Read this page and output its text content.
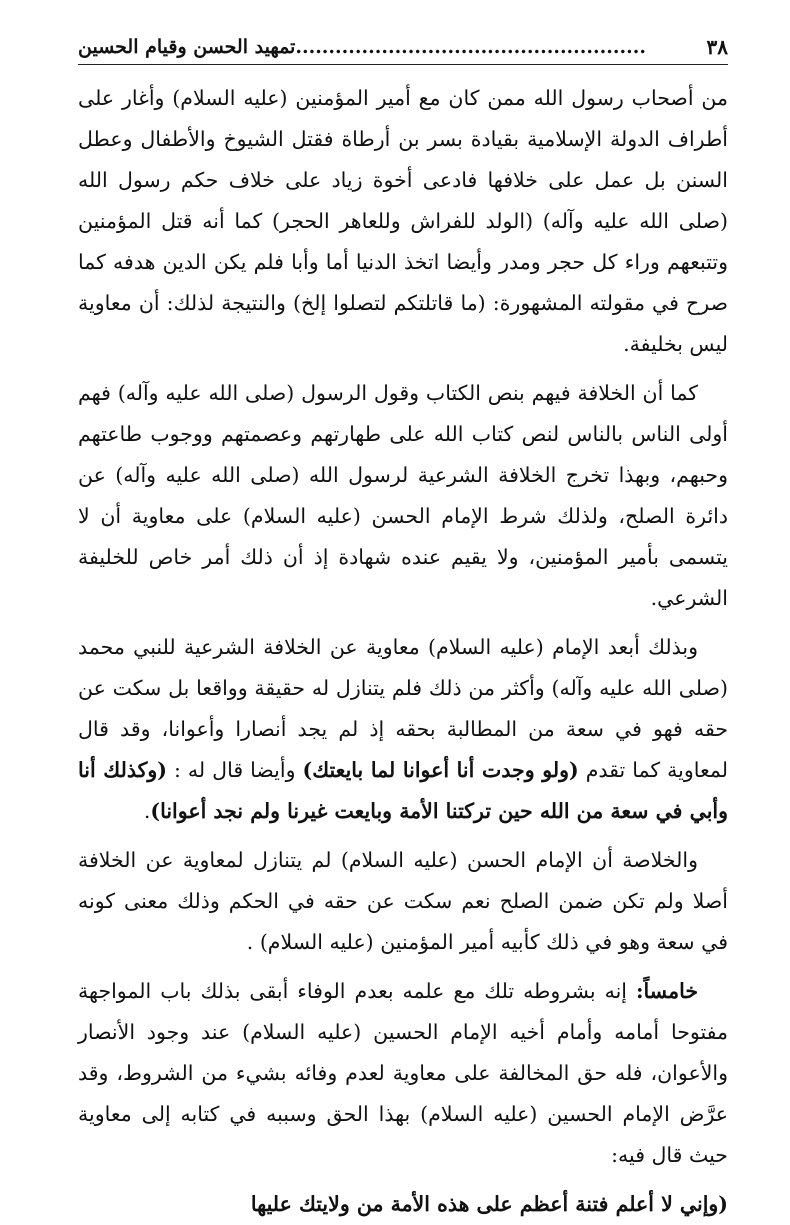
٣٨
.....................................................تمهيد الحسن وقيام الحسين

من أصحاب رسول الله ممن كان مع أمير المؤمنين (عليه السلام) وأغار على أطراف الدولة الإسلامية بقيادة بسر بن أرطاة فقتل الشيوخ والأطفال وعطل السنن بل عمل على خلافها فادعى أخوة زياد على خلاف حكم رسول الله (صلى الله عليه وآله) (الولد للفراش وللعاهر الحجر) كما أنه قتل المؤمنين وتتبعهم وراء كل حجر ومدر وأيضا اتخذ الدنيا أما وأبا فلم يكن الدين هدفه كما صرح في مقولته المشهورة: (ما قاتلتكم لتصلوا إلخ) والنتيجة لذلك: أن معاوية ليس بخليفة.

كما أن الخلافة فيهم بنص الكتاب وقول الرسول (صلى الله عليه وآله) فهم أولى الناس بالناس لنص كتاب الله على طهارتهم وعصمتهم ووجوب طاعتهم وحبهم، وبهذا تخرج الخلافة الشرعية لرسول الله (صلى الله عليه وآله) عن دائرة الصلح، ولذلك شرط الإمام الحسن (عليه السلام) على معاوية أن لا يتسمى بأمير المؤمنين، ولا يقيم عنده شهادة إذ أن ذلك أمر خاص للخليفة الشرعي.

وبذلك أبعد الإمام (عليه السلام) معاوية عن الخلافة الشرعية للنبي محمد (صلى الله عليه وآله) وأكثر من ذلك فلم يتنازل له حقيقة وواقعا بل سكت عن حقه فهو في سعة من المطالبة بحقه إذ لم يجد أنصارا وأعوانا، وقد قال لمعاوية كما تقدم (ولو وجدت أنا أعوانا لما بايعتك) وأيضا قال له : (وكذلك أنا وأبي في سعة من الله حين تركتنا الأمة وبايعت غيرنا ولم نجد أعوانا).

والخلاصة أن الإمام الحسن (عليه السلام) لم يتنازل لمعاوية عن الخلافة أصلا ولم تكن ضمن الصلح نعم سكت عن حقه في الحكم وذلك معنى كونه في سعة وهو في ذلك كأبيه أمير المؤمنين (عليه السلام) .

خامساً: إنه بشروطه تلك مع علمه بعدم الوفاء أبقى بذلك باب المواجهة مفتوحا أمامه وأمام أخيه الإمام الحسين (عليه السلام) عند وجود الأنصار والأعوان، فله حق المخالفة على معاوية لعدم وفائه بشيء من الشروط، وقد عرَّض الإمام الحسين (عليه السلام) بهذا الحق وسببه في كتابه إلى معاوية حيث قال فيه:

(وإني لا أعلم فتنة أعظم على هذه الأمة من ولايتك عليها
